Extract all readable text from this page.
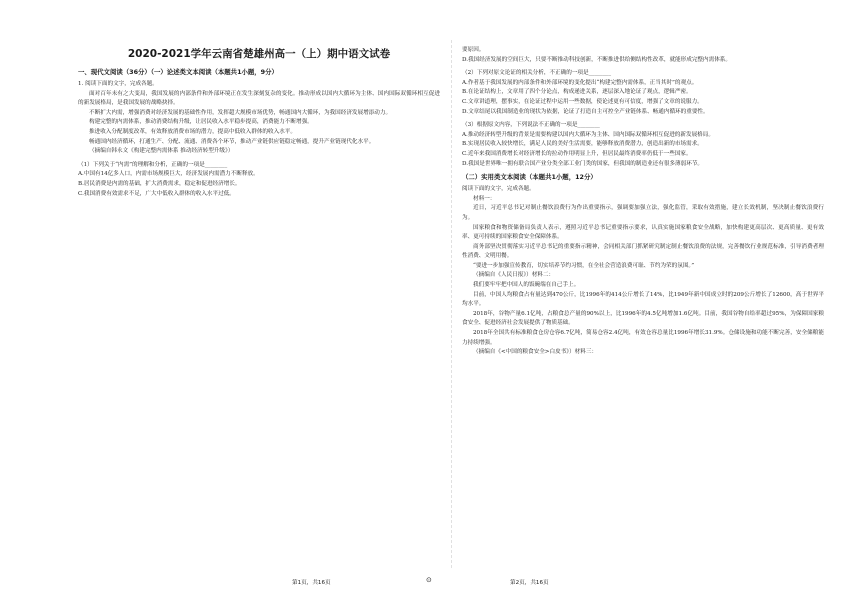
2020-2021学年云南省楚雄州高一（上）期中语文试卷
一、现代文阅读（36分）（一）论述类文本阅读（本题共1小题，9分）

1. 阅读下面的文字，完成各题。

面对百年未有之大变局，我国发展的内部条件和外部环境正在发生深刻复杂的变化。推动形成以国内大循环为主体、国内国际双循环相互促进的新发展格局，是我国发展的战略抉择。

不断扩大内需，增强消费对经济发展的基础性作用，发挥超大规模市场优势，畅通国内大循环，为我国经济发展增添动力。

构建完整的内需体系，推动消费结构升级，让居民收入水平稳步提高，消费能力不断增强。

推进收入分配制度改革，有效释放消费市场的潜力，提高中低收入群体的收入水平。

畅通国内经济循环，打通生产、分配、流通、消费各个环节，推动产业链供应链稳定畅通，提升产业链现代化水平。

（摘编自韩永文《构建完整内需体系 推动经济转型升级》）

（1）下列关于“内需”的理解和分析，正确的一项是________

A.中国有14亿多人口，内需市场规模巨大，经济发展内需潜力不断释放。

B.居民消费是内需的基础，扩大消费需求，稳定和促进经济增长。

C.我国消费有效需求不足，广大中低收入群体的收入水平过低。

要原因。

D.我国经济发展的空间巨大，只要不断推动科技创新，不断推进供给侧结构性改革，就能形成完整内需体系。

（2）下列对原文论证的相关分析，不正确的一项是________

A.作者基于我国发展的内部条件和外部环境的变化提出“构建完整内需体系，正当其时”的观点。

B.在论证结构上，文章用了四个分论点，构成递进关系，逐层深入地论证了观点，逻辑严密。

C.文章讲道理，摆事实，在论证过程中运用一些数据，使论述更有可信度，增强了文章的说服力。

D.文章结尾以我国制造业的现状为依据，论证了打造自主可控全产业链体系、畅通内循环的重要性。

（3）根据原文内容，下列说法不正确的一项是________

A.推动经济转型升级的背景是需要构建以国内大循环为主体、国内国际双循环相互促进的新发展格局。

B.实现居民收入较快增长，满足人民的美好生活需要，能够释放消费潜力，创造出新的市场需求。

C.近年来我国消费增长对经济增长的拉动作用明显上升，但居民最终消费率仍低于一些国家。

D.我国是世界唯一拥有联合国产业分类全部工业门类的国家，但我国的制造业还有很多薄弱环节。

（二）实用类文本阅读（本题共1小题，12分）

阅读下面的文字，完成各题。

材料一：

近日，习近平总书记对制止餐饮浪费行为作出重要指示，强调要加强立法，强化监管，采取有效措施，建立长效机制，坚决制止餐饮浪费行为。

国家粮食和物资储备局负责人表示，遵照习近平总书记重要指示要求，认真实施国家粮食安全战略，加快构建更高层次、更高质量、更有效率、更可持续的国家粮食安全保障体系。

商务部坚决贯彻落实习近平总书记的重要指示精神，会同相关部门抓紧研究制定制止餐饮浪费的法规，完善餐饮行业规范标准，引导消费者理性消费、文明用餐。

“要进一步加强宣传教育，切实培养节约习惯，在全社会营造浪费可耻、节约为荣的氛围。”

（摘编自《人民日报》）材料二：

我们要牢牢把中国人的饭碗端在自己手上。

目前，中国人均粮食占有量达到470公斤，比1996年的414公斤增长了14%，比1949年新中国成立时的209公斤增长了12600，高于世界平均水平。

2018年，谷物产量6.1亿吨，占粮食总产量的90%以上，比1996年的4.5亿吨增加1.6亿吨。目前，我国谷物自给率超过95%，为保障国家粮食安全、促进经济社会发展提供了物质基础。

2018年全国共有标准粮食仓房仓容6.7亿吨，简易仓容2.4亿吨，有效仓容总量比1996年增长31.9%。仓储设施和功能不断完善，安全储粮能力持续增强。

（摘编自《<中国的粮食安全>白皮书》）材料三：

第1页，共16页	⊙	第2页，共16页
